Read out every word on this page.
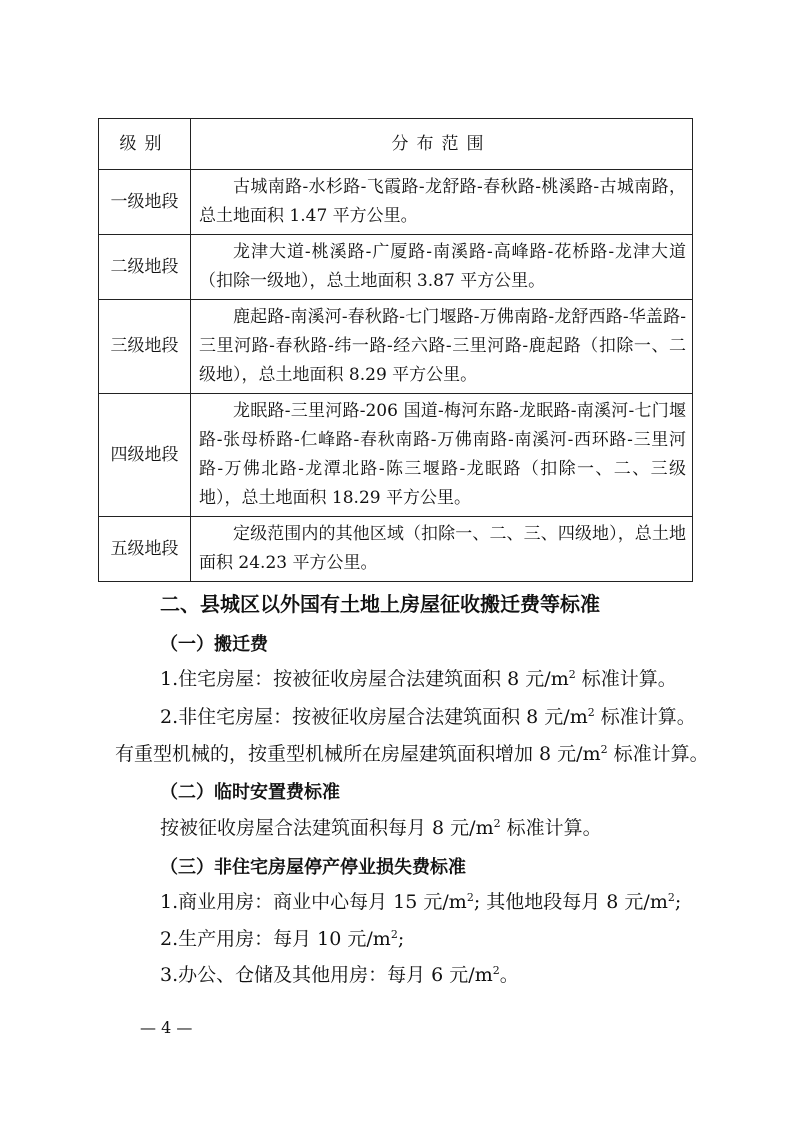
级别	分布范围
一级地段	古城南路-水杉路-飞霞路-龙舒路-春秋路-桃溪路-古城南路，总土地面积 1.47 平方公里。

二级地段	龙津大道-桃溪路-广厦路-南溪路-高峰路-花桥路-龙津大道（扣除一级地），总土地面积 3.87 平方公里。

三级地段	鹿起路-南溪河-春秋路-七门堰路-万佛南路-龙舒西路-华盖路-三里河路-春秋路-纬一路-经六路-三里河路-鹿起路（扣除一、二级地），总土地面积 8.29 平方公里。

四级地段	龙眠路-三里河路-206 国道-梅河东路-龙眠路-南溪河-七门堰路-张母桥路-仁峰路-春秋南路-万佛南路-南溪河-西环路-三里河路-万佛北路-龙潭北路-陈三堰路-龙眠路（扣除一、二、三级地），总土地面积 18.29 平方公里。

五级地段	定级范围内的其他区域（扣除一、二、三、四级地），总土地面积 24.23 平方公里。
二、县城区以外国有土地上房屋征收搬迁费等标准
（一）搬迁费
1.住宅房屋：按被征收房屋合法建筑面积 8 元$/m^2$ 标准计算。
2.非住宅房屋：按被征收房屋合法建筑面积 8 元$/m^2$ 标准计算。
有重型机械的，按重型机械所在房屋建筑面积增加 8 元$/m^2$ 标准计算。
（二）临时安置费标准
按被征收房屋合法建筑面积每月 8 元$/m^2$ 标准计算。
（三）非住宅房屋停产停业损失费标准
1.商业用房：商业中心每月 15 元$/m^2$; 其他地段每月 8 元$/m^2$;
2.生产用房：每月 10 元$/m^2$;
3.办公、仓储及其他用房：每月 6 元$/m^2$。
— 4 —
